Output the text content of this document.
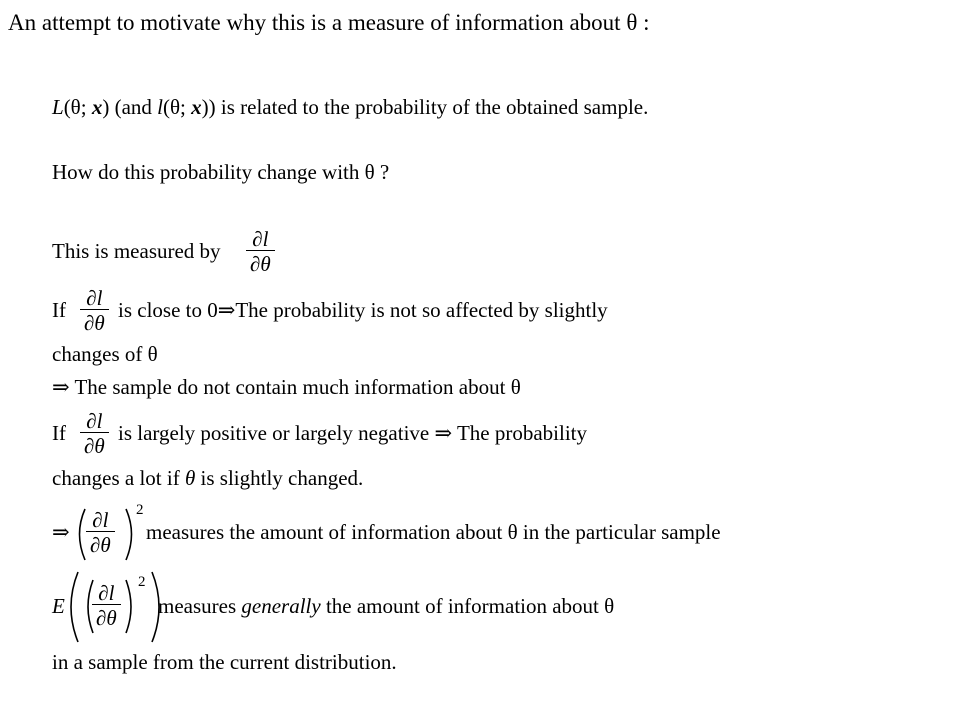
An attempt to motivate why this is a measure of information about θ :
L(θ; x) (and l(θ; x)) is related to the probability of the obtained sample.
How do this probability change with θ ?
This is measured by $\frac{\partial l}{\partial\theta}$
If $\frac{\partial l}{\partial\theta}$ is close to 0⇒The probability is not so affected by slightly
changes of θ
⇒ The sample do not contain much information about θ
If $\frac{\partial l}{\partial\theta}$ is largely positive or largely negative ⇒ The probability
changes a lot if θ is slightly changed.
⇒ $\frac{\partial l}{\partial\theta} 2$
measures the amount of information about θ in the particular sample
E $\frac{\partial l}{\partial\theta}$
2
measures generally the amount of information about θ
in a sample from the current distribution.
